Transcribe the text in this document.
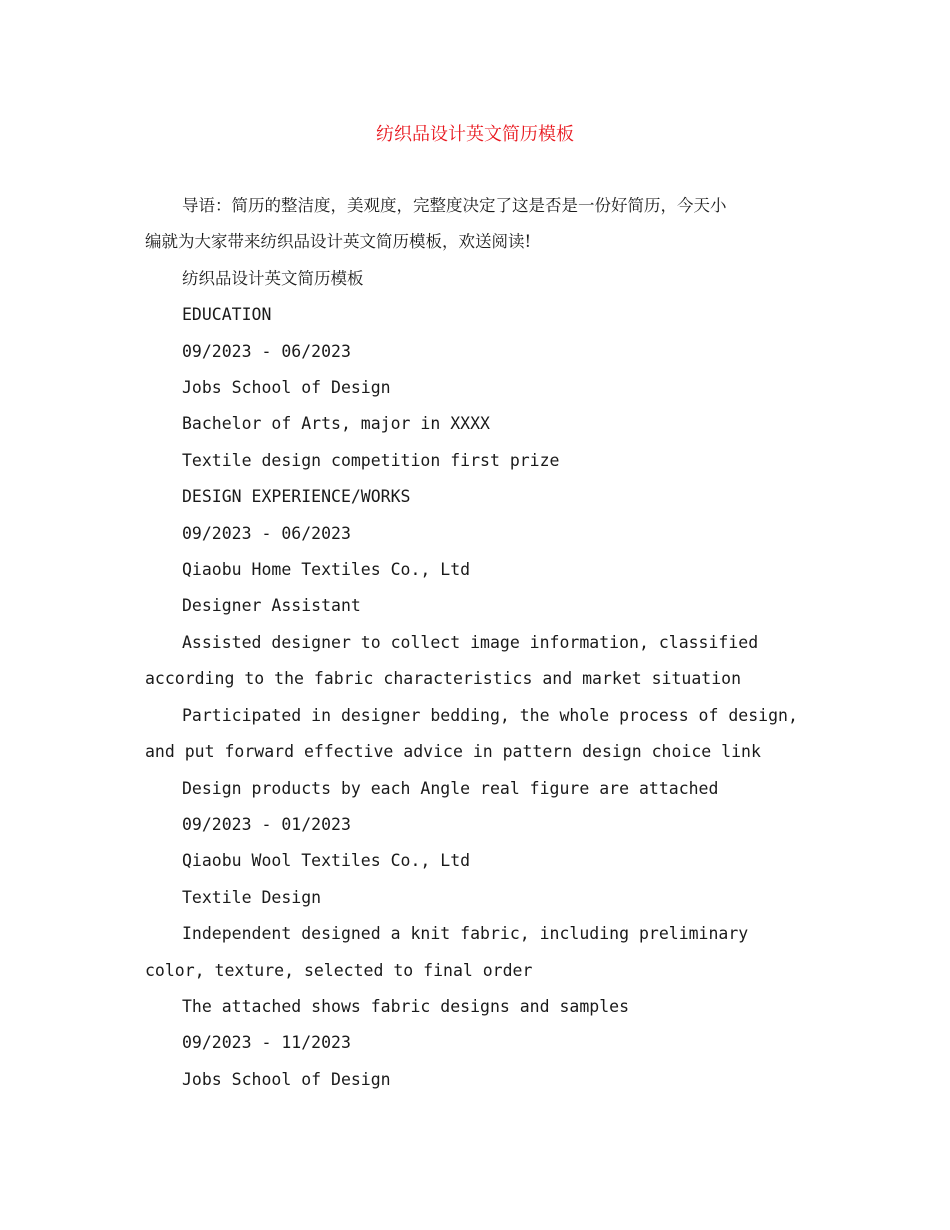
纺织品设计英文简历模板

导语：简历的整洁度，美观度，完整度决定了这是否是一份好简历，今天小
编就为大家带来纺织品设计英文简历模板，欢送阅读!

纺织品设计英文简历模板

EDUCATION

09/2023 - 06/2023

Jobs School of Design

Bachelor of Arts, major in XXXX

Textile design competition first prize

DESIGN EXPERIENCE/WORKS

09/2023 - 06/2023

Qiaobu Home Textiles Co., Ltd

Designer Assistant

Assisted designer to collect image information, classified according to the fabric characteristics and market situation

Participated in designer bedding, the whole process of design, and put forward effective advice in pattern design choice link

Design products by each Angle real figure are attached

09/2023 - 01/2023

Qiaobu Wool Textiles Co., Ltd

Textile Design

Independent designed a knit fabric, including preliminary color, texture, selected to final order

The attached shows fabric designs and samples

09/2023 - 11/2023

Jobs School of Design
